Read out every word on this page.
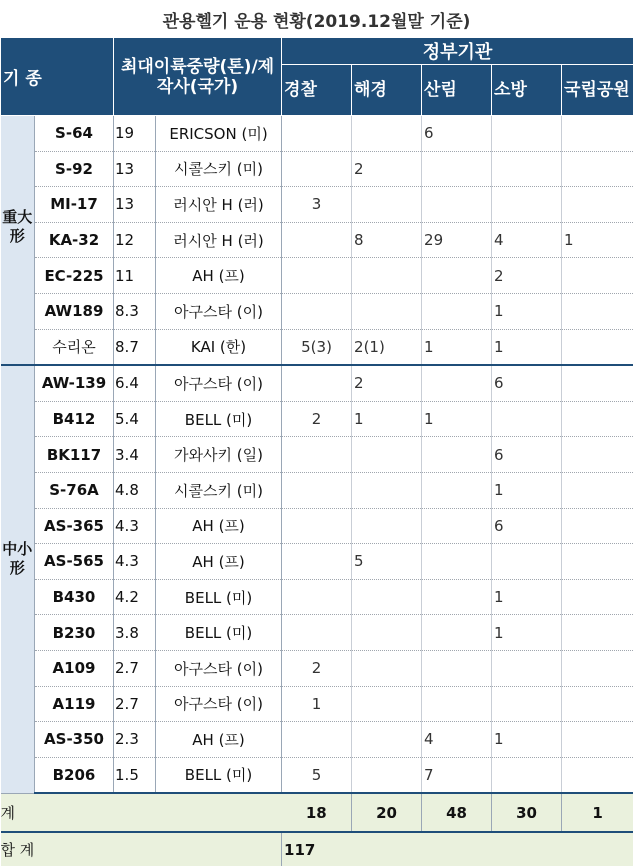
관용헬기 운용 현황(2019.12월말 기준)
기 종		최대이륙중량(톤)/제작사(국가)		정부기관				
				경찰	해경	산림	소방	국립공원
重大形	S-64	19	ERICSON (미)			6		
	S-92	13	시콜스키 (미)		2			
	MI-17	13	러시안 H (러)	3				
	KA-32	12	러시안 H (러)		8	29	4	1
	EC-225	11	AH (프)				2	
	AW189	8.3	아구스타 (이)				1	
	수리온	8.7	KAI (한)	5(3)	2(1)	1	1	
中小形	AW-139	6.4	아구스타 (이)		2		6	
	B412	5.4	BELL (미)	2	1	1		
	BK117	3.4	가와사키 (일)				6	
	S-76A	4.8	시콜스키 (미)				1	
	AS-365	4.3	AH (프)				6	
	AS-565	4.3	AH (프)		5			
	B430	4.2	BELL (미)				1	
	B230	3.8	BELL (미)				1	
	A109	2.7	아구스타 (이)	2				
	A119	2.7	아구스타 (이)	1				
	AS-350	2.3	AH (프)			4	1	
	B206	1.5	BELL (미)	5		7		
계				18	20	48	30	1
합 계				117				
